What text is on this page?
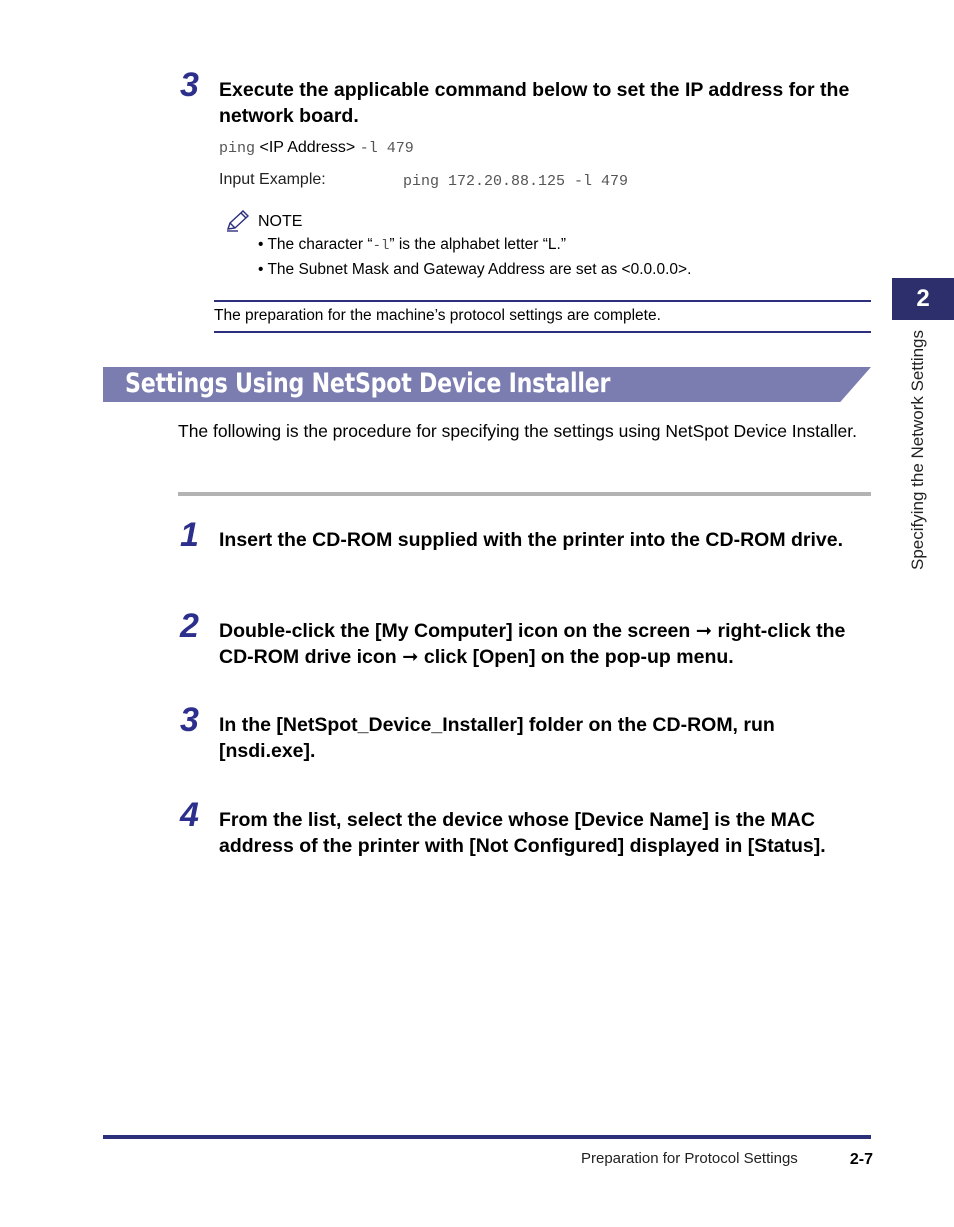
3 Execute the applicable command below to set the IP address for the network board.
ping <IP Address> -l 479
Input Example:	ping 172.20.88.125 -l 479
NOTE
• The character “-l” is the alphabet letter “L.”
• The Subnet Mask and Gateway Address are set as <0.0.0.0>.
The preparation for the machine’s protocol settings are complete.
Settings Using NetSpot Device Installer
The following is the procedure for specifying the settings using NetSpot Device Installer.
1 Insert the CD-ROM supplied with the printer into the CD-ROM drive.
2 Double-click the [My Computer] icon on the screen ➞ right-click the CD-ROM drive icon ➞ click [Open] on the pop-up menu.
3 In the [NetSpot_Device_Installer] folder on the CD-ROM, run [nsdi.exe].
4 From the list, select the device whose [Device Name] is the MAC address of the printer with [Not Configured] displayed in [Status].
2
Specifying the Network Settings
Preparation for Protocol Settings	2-7
